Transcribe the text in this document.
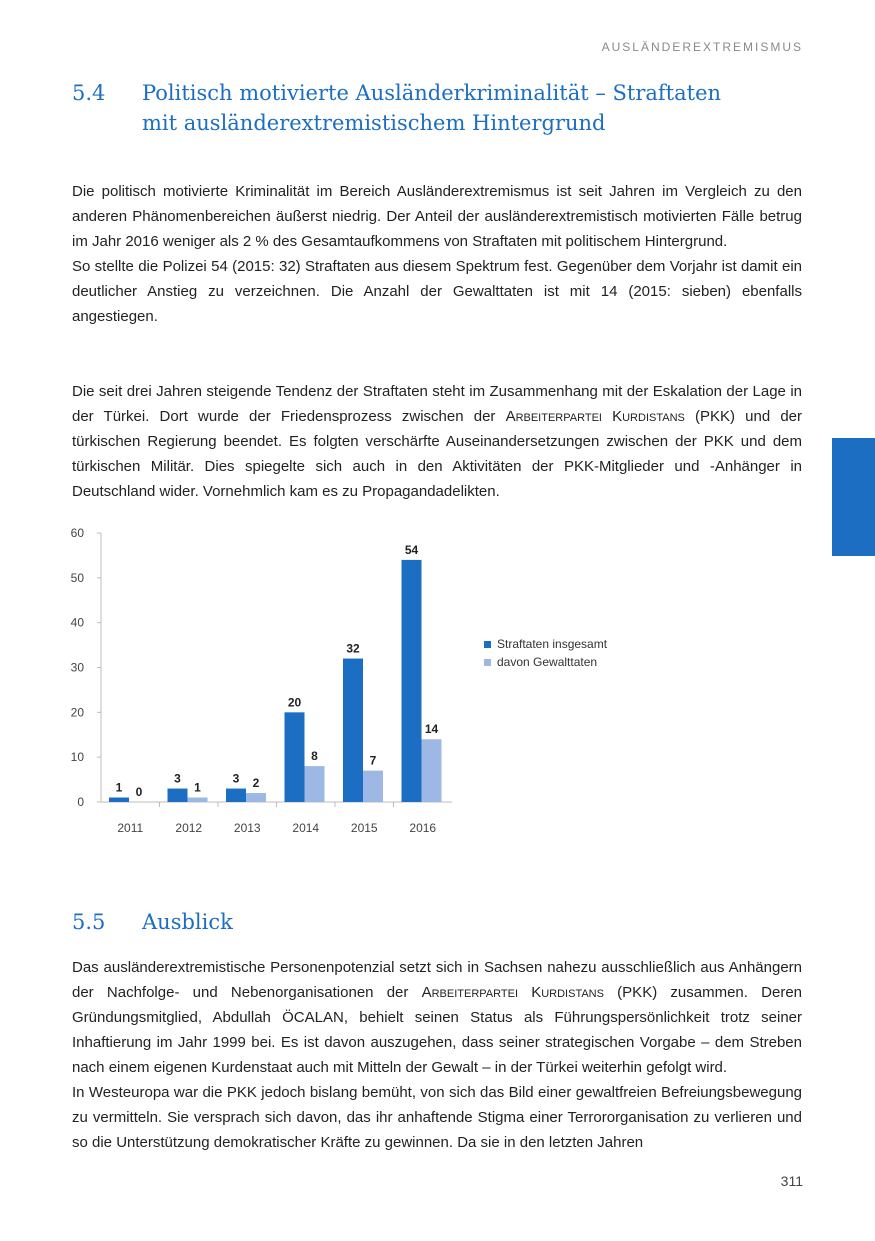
AUSLÄNDEREXTREMISMUS
5.4 Politisch motivierte Ausländerkriminalität – Straftaten
mit ausländerextremistischem Hintergrund
Die politisch motivierte Kriminalität im Bereich Ausländerextremismus ist seit Jahren im Vergleich zu den anderen Phänomenbereichen äußerst niedrig. Der Anteil der ausländerextremistisch motivierten Fälle betrug im Jahr 2016 weniger als 2 % des Gesamtaufkommens von Straftaten mit politischem Hintergrund.
So stellte die Polizei 54 (2015: 32) Straftaten aus diesem Spektrum fest. Gegenüber dem Vorjahr ist damit ein deutlicher Anstieg zu verzeichnen. Die Anzahl der Gewalttaten ist mit 14 (2015: sieben) ebenfalls angestiegen.

Die seit drei Jahren steigende Tendenz der Straftaten steht im Zusammenhang mit der Eskalation der Lage in der Türkei. Dort wurde der Friedensprozess zwischen der Arbeiterpartei Kurdistans (PKK) und der türkischen Regierung beendet. Es folgten verschärfte Auseinandersetzungen zwischen der PKK und dem türkischen Militär. Dies spiegelte sich auch in den Aktivitäten der PKK-Mitglieder und -Anhänger in Deutschland wider. Vornehmlich kam es zu Propagandadelikten.

0
10
20
30
40
50
60
1 0
2011
3
1
2012
3 2
2013
20
8
2014
32
7
2015
54
14
2016
Straftaten insgesamt
davon Gewalttaten
5.5 Ausblick

Das ausländerextremistische Personenpotenzial setzt sich in Sachsen nahezu ausschließlich aus Anhängern der Nachfolge- und Nebenorganisationen der Arbeiterpartei Kurdistans (PKK) zusammen. Deren Gründungsmitglied, Abdullah ÖCALAN, behielt seinen Status als Führungspersönlichkeit trotz seiner Inhaftierung im Jahr 1999 bei. Es ist davon auszugehen, dass seiner strategischen Vorgabe – dem Streben nach einem eigenen Kurdenstaat auch mit Mitteln der Gewalt – in der Türkei weiterhin gefolgt wird.
In Westeuropa war die PKK jedoch bislang bemüht, von sich das Bild einer gewaltfreien Befreiungsbewegung zu vermitteln. Sie versprach sich davon, das ihr anhaftende Stigma einer Terrororganisation zu verlieren und so die Unterstützung demokratischer Kräfte zu gewinnen. Da sie in den letzten Jahren

311
